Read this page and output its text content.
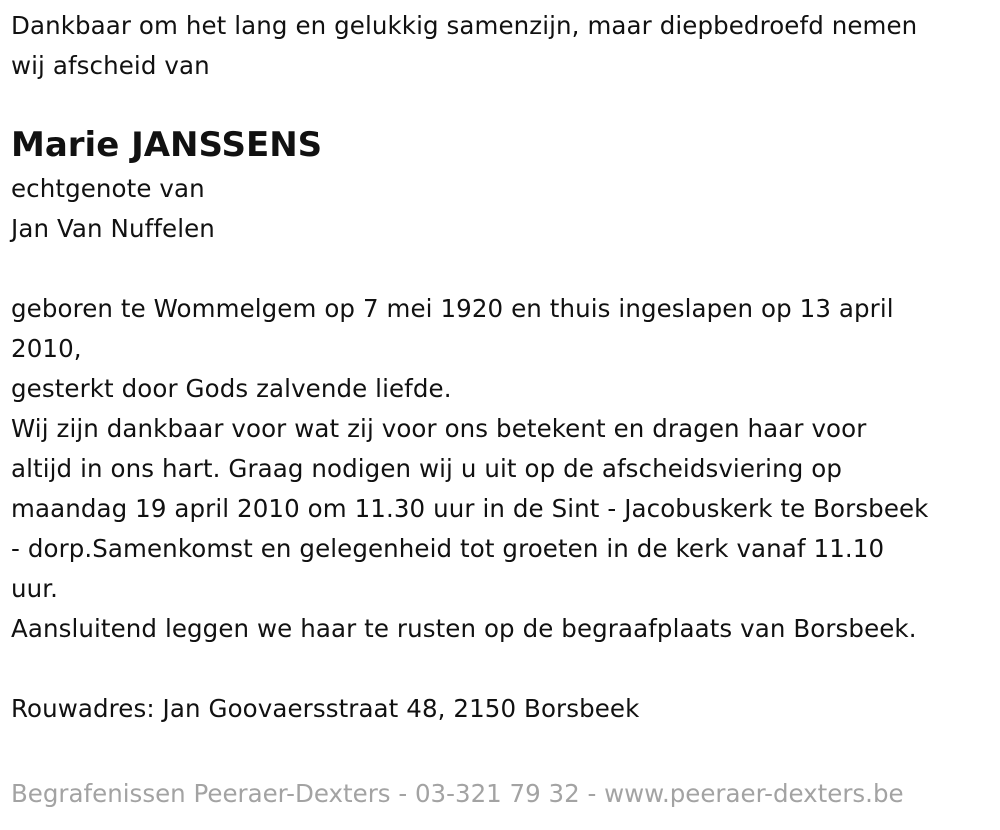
Dankbaar om het lang en gelukkig samenzijn, maar diepbedroefd nemen
wij afscheid van
Marie JANSSENS
echtgenote van
Jan Van Nuffelen
geboren te Wommelgem op 7 mei 1920 en thuis ingeslapen op 13 april
2010,
gesterkt door Gods zalvende liefde.
Wij zijn dankbaar voor wat zij voor ons betekent en dragen haar voor
altijd in ons hart. Graag nodigen wij u uit op de afscheidsviering op
maandag 19 april 2010 om 11.30 uur in de Sint - Jacobuskerk te Borsbeek
- dorp.Samenkomst en gelegenheid tot groeten in de kerk vanaf 11.10
uur.
Aansluitend leggen we haar te rusten op de begraafplaats van Borsbeek.
Rouwadres: Jan Goovaersstraat 48, 2150 Borsbeek
Begrafenissen Peeraer-Dexters - 03-321 79 32 - www.peeraer-dexters.be
